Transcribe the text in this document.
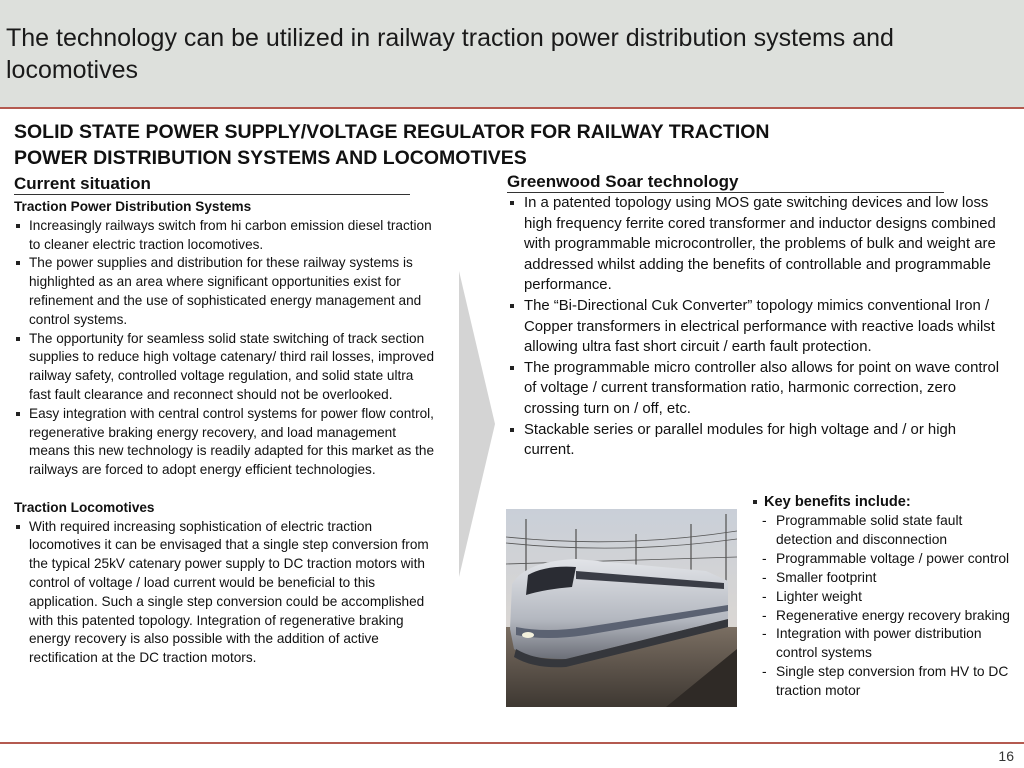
The technology can be utilized in railway traction power distribution systems and locomotives
SOLID STATE POWER SUPPLY/VOLTAGE REGULATOR FOR RAILWAY TRACTION POWER DISTRIBUTION SYSTEMS AND LOCOMOTIVES
Current situation	Greenwood Soar technology
Traction Power Distribution Systems
Increasingly railways switch from hi carbon emission diesel traction to cleaner electric traction locomotives.
The power supplies and distribution for these railway systems is highlighted as an area where significant opportunities exist for refinement and the use of sophisticated energy management and control systems.
The opportunity for seamless solid state switching of track section supplies to reduce high voltage catenary/ third rail losses, improved railway safety, controlled voltage regulation, and solid state ultra fast fault clearance and reconnect should not be overlooked.
Easy integration with central control systems for power flow control, regenerative braking energy recovery, and load management means this new technology is readily adapted for this market as the railways are forced to adopt energy efficient technologies.
Traction Locomotives
With required increasing sophistication of electric traction locomotives it can be envisaged that a single step conversion from the typical 25kV catenary power supply to DC traction motors with control of voltage / load current would be beneficial to this application. Such a single step conversion could be accomplished with this patented topology. Integration of regenerative braking energy recovery is also possible with the addition of active rectification at the DC traction motors.
In a patented topology using MOS gate switching devices and low loss high frequency ferrite cored transformer and inductor designs combined with programmable microcontroller, the problems of bulk and weight are addressed whilst adding the benefits of controllable and programmable performance.
The “Bi-Directional Cuk Converter” topology mimics conventional Iron / Copper transformers in electrical performance with reactive loads whilst allowing ultra fast short circuit / earth fault protection.
The programmable micro controller also allows for point on wave control of voltage / current transformation ratio, harmonic correction, zero crossing turn on / off, etc.
Stackable series or parallel modules for high voltage and / or high current.
Key benefits include:
- Programmable solid state fault detection and disconnection
- Programmable voltage / power control
- Smaller footprint
- Lighter weight
- Regenerative energy recovery braking
- Integration with power distribution control systems
- Single step conversion from HV to DC traction motor
16
